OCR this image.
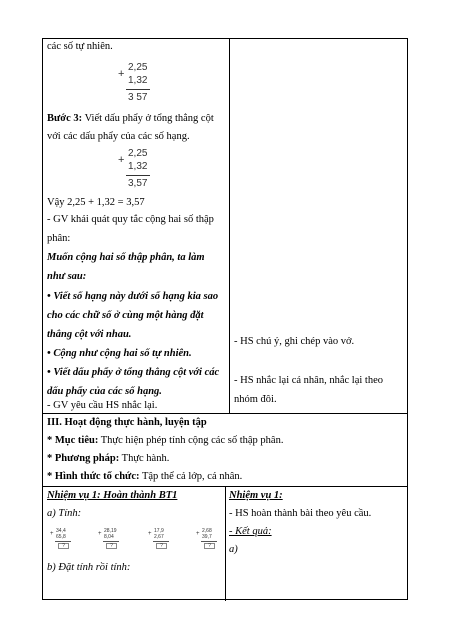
các số tự nhiên.
+
2,25
1,32
3 57
Bước 3: Viết dấu phẩy ở tổng thẳng cột
với các dấu phẩy của các số hạng.
+
2,25
1,32
3,57
Vậy 2,25 + 1,32 = 3,57
- GV khái quát quy tắc cộng hai số thập
phân:
Muốn cộng hai số thập phân, ta làm
như sau:
• Viết số hạng này dưới số hạng kia sao
cho các chữ số ở cùng một hàng đặt
thẳng cột với nhau.
• Cộng như cộng hai số tự nhiên.
• Viết dấu phẩy ở tổng thẳng cột với các
dấu phẩy của các số hạng.
- GV yêu cầu HS nhắc lại.
- HS chú ý, ghi chép vào vở.
- HS nhắc lại cá nhân, nhắc lại theo
nhóm đôi.
III. Hoạt động thực hành, luyện tập
* Mục tiêu: Thực hiện phép tính cộng các số thập phân.
* Phương pháp: Thực hành.
* Hình thức tổ chức: Tập thể cả lớp, cá nhân.
Nhiệm vụ 1: Hoàn thành BT1
a) Tính:
+ 34,4
65,8
?
+ 28,19
8,04
?
+ 17,9
2,67
?
+ 2,68
39,7
?
b) Đặt tính rồi tính:
Nhiệm vụ 1:
- HS hoàn thành bài theo yêu cầu.
- Kết quả:
a)
